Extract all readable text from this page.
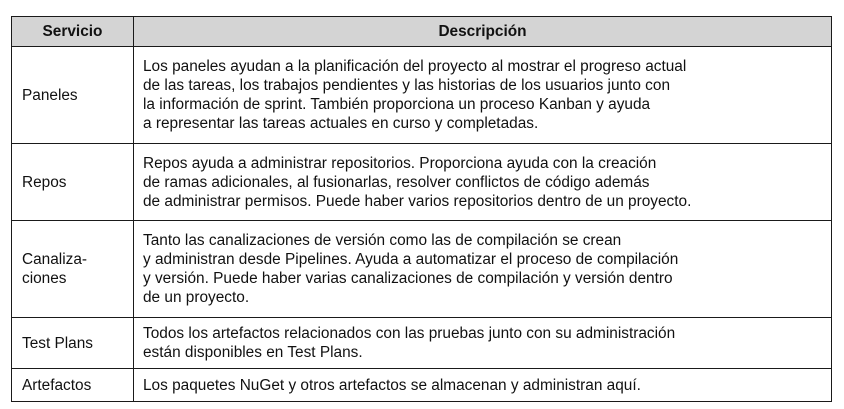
Servicio	Descripción

Paneles	Los paneles ayudan a la planificación del proyecto al mostrar el progreso actual
de las tareas, los trabajos pendientes y las historias de los usuarios junto con
la información de sprint. También proporciona un proceso Kanban y ayuda
a representar las tareas actuales en curso y completadas.

Repos	Repos ayuda a administrar repositorios. Proporciona ayuda con la creación
de ramas adicionales, al fusionarlas, resolver conflictos de código además
de administrar permisos. Puede haber varios repositorios dentro de un proyecto.

Canaliza-
ciones	Tanto las canalizaciones de versión como las de compilación se crean
y administran desde Pipelines. Ayuda a automatizar el proceso de compilación
y versión. Puede haber varias canalizaciones de compilación y versión dentro
de un proyecto.

Test Plans	Todos los artefactos relacionados con las pruebas junto con su administración
están disponibles en Test Plans.

Artefactos	Los paquetes NuGet y otros artefactos se almacenan y administran aquí.
